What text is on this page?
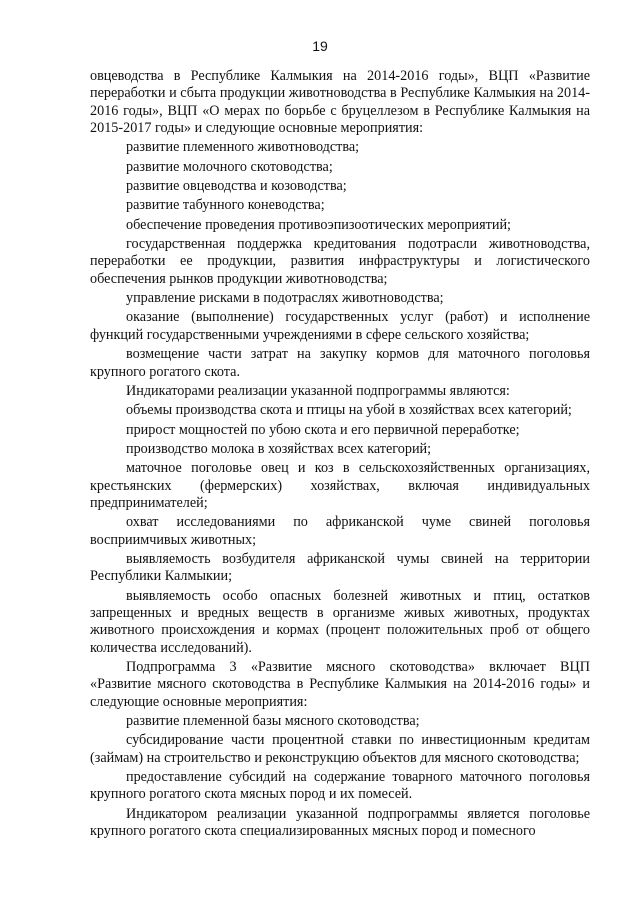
19

овцеводства в Республике Калмыкия на 2014-2016 годы», ВЦП «Развитие переработки и сбыта продукции животноводства в Республике Калмыкия на 2014-2016 годы», ВЦП «О мерах по борьбе с бруцеллезом в Республике Калмыкия на 2015-2017 годы» и следующие основные мероприятия:

развитие племенного животноводства;

развитие молочного скотоводства;

развитие овцеводства и козоводства;

развитие табунного коневодства;

обеспечение проведения противоэпизоотических мероприятий;

государственная поддержка кредитования подотрасли животноводства, переработки ее продукции, развития инфраструктуры и логистического обеспечения рынков продукции животноводства;

управление рисками в подотраслях животноводства;

оказание (выполнение) государственных услуг (работ) и исполнение функций государственными учреждениями в сфере сельского хозяйства;

возмещение части затрат на закупку кормов для маточного поголовья крупного рогатого скота.

Индикаторами реализации указанной подпрограммы являются:

объемы производства скота и птицы на убой в хозяйствах всех категорий;

прирост мощностей по убою скота и его первичной переработке;

производство молока в хозяйствах всех категорий;

маточное поголовье овец и коз в сельскохозяйственных организациях, крестьянских (фермерских) хозяйствах, включая индивидуальных предпринимателей;

охват исследованиями по африканской чуме свиней поголовья восприимчивых животных;

выявляемость возбудителя африканской чумы свиней на территории Республики Калмыкии;

выявляемость особо опасных болезней животных и птиц, остатков запрещенных и вредных веществ в организме живых животных, продуктах животного происхождения и кормах (процент положительных проб от общего количества исследований).

Подпрограмма 3 «Развитие мясного скотоводства» включает ВЦП «Развитие мясного скотоводства в Республике Калмыкия на 2014-2016 годы» и следующие основные мероприятия:

развитие племенной базы мясного скотоводства;

субсидирование части процентной ставки по инвестиционным кредитам (займам) на строительство и реконструкцию объектов для мясного скотоводства;

предоставление субсидий на содержание товарного маточного поголовья крупного рогатого скота мясных пород и их помесей.

Индикатором реализации указанной подпрограммы является поголовье крупного рогатого скота специализированных мясных пород и помесного
